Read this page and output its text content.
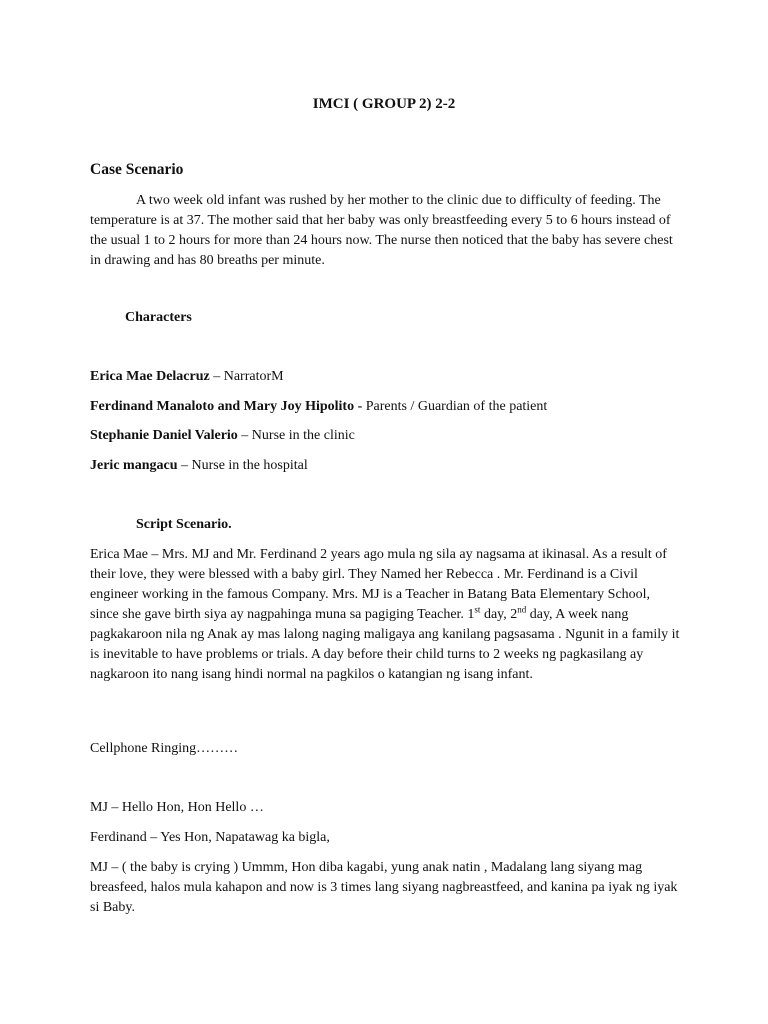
IMCI ( GROUP 2) 2-2
Case Scenario

A two week old infant was rushed by her mother to the clinic due to difficulty of feeding. The temperature is at 37. The mother said that her baby was only breastfeeding every 5 to 6 hours instead of the usual 1 to 2 hours for more than 24 hours now. The nurse then noticed that the baby has severe chest in drawing and has 80 breaths per minute.

Characters
Erica Mae Delacruz – NarratorM
Ferdinand Manaloto and Mary Joy Hipolito - Parents / Guardian of the patient
Stephanie Daniel Valerio – Nurse in the clinic
Jeric mangacu – Nurse in the hospital
Script Scenario.

Erica Mae – Mrs. MJ and Mr. Ferdinand 2 years ago mula ng sila ay nagsama at ikinasal. As a result of their love, they were blessed with a baby girl. They Named her Rebecca . Mr. Ferdinand is a Civil engineer working in the famous Company. Mrs. MJ is a Teacher in Batang Bata Elementary School, since she gave birth siya ay nagpahinga muna sa pagiging Teacher. 1st day, 2nd day, A week nang pagkakaroon nila ng Anak ay mas lalong naging maligaya ang kanilang pagsasama . Ngunit in a family it is inevitable to have problems or trials. A day before their child turns to 2 weeks ng pagkasilang ay nagkaroon ito nang isang hindi normal na pagkilos o katangian ng isang infant.

Cellphone Ringing………
MJ – Hello Hon, Hon Hello …
Ferdinand – Yes Hon, Napatawag ka bigla,

MJ – ( the baby is crying ) Ummm, Hon diba kagabi, yung anak natin , Madalang lang siyang mag breasfeed, halos mula kahapon and now is 3 times lang siyang nagbreastfeed, and kanina pa iyak ng iyak si Baby.
